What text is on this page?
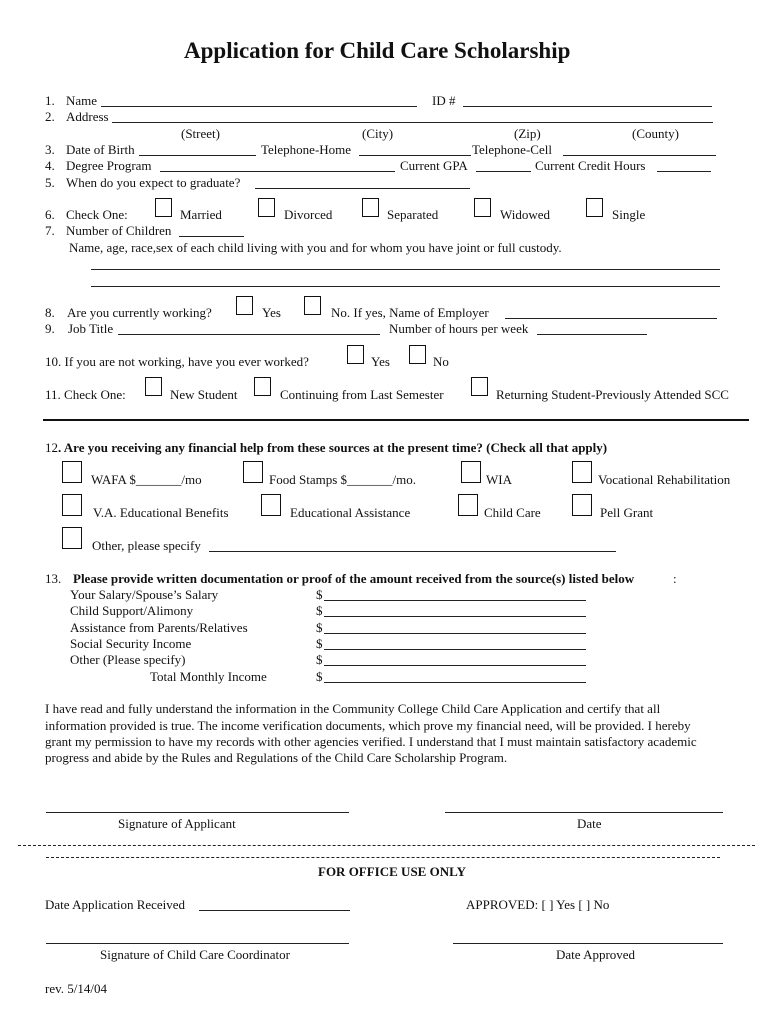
Application for Child Care Scholarship
1. Name	ID #
2. Address
(Street)	(City)	(Zip)	(County)
3. Date of Birth	Telephone-Home	Telephone-Cell
4. Degree Program	Current GPA	Current Credit Hours
5. When do you expect to graduate?
6. Check One:	Married	Divorced	Separated	Widowed	Single
7. Number of Children
Name, age, race,sex of each child living with you and for whom you have joint or full custody.
8. Are you currently working?	Yes	No. If yes, Name of Employer
9. Job Title	Number of hours per week
10. If you are not working, have you ever worked?	Yes	No
11. Check One:	New Student	Continuing from Last Semester	Returning Student-Previously Attended SCC
12 . Are you receiving any financial help from these sources at the present time? (Check all that apply)
WAFA $_______/mo	Food Stamps $_______/mo.	WIA	Vocational Rehabilitation
V.A. Educational Benefits	Educational Assistance	Child Care	Pell Grant
Other, please specify
13. Please provide written documentation or proof of the amount received from the source(s) listed below	:
Your Salary/Spouse’s Salary	$
Child Support/Alimony	$
Assistance from Parents/Relatives	$
Social Security Income	$
Other (Please specify)	$
Total Monthly Income	$
I have read and fully understand the information in the Community College Child Care Application and certify that all
information provided is true. The income verification documents, which prove my financial need, will be provided. I hereby
grant my permission to have my records with other agencies verified. I understand that I must maintain satisfactory academic
progress and abide by the Rules and Regulations of the Child Care Scholarship Program.
Signature of Applicant	Date
FOR OFFICE USE ONLY
Date Application Received	APPROVED: [ ] Yes [ ] No
Signature of Child Care Coordinator	Date Approved
rev. 5/14/04
